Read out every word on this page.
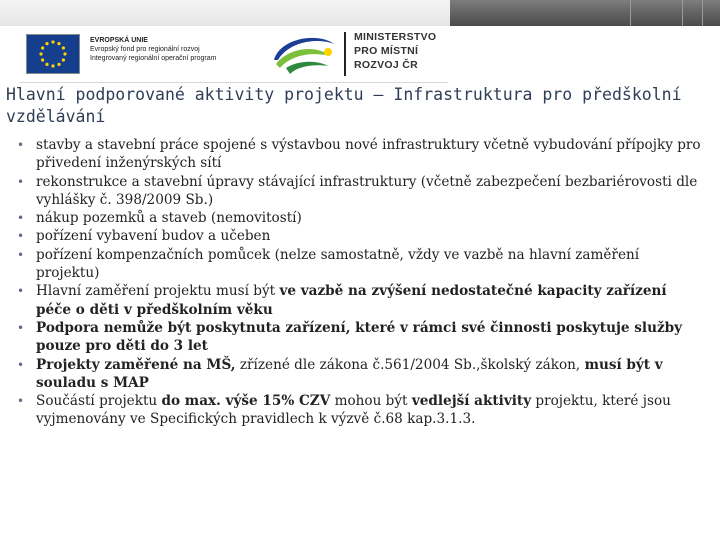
EVROPSKÁ UNIE
Evropský fond pro regionální rozvoj
Integrovaný regionální operační program
MINISTERSTVO
PRO MÍSTNÍ
ROZVOJ ČR
Hlavní podporované aktivity projektu – Infrastruktura pro předškolní vzdělávání
• stavby a stavební práce spojené s výstavbou nové infrastruktury včetně vybudování přípojky pro přivedení inženýrských sítí
• rekonstrukce a stavební úpravy stávající infrastruktury (včetně zabezpečení bezbariérovosti dle vyhlášky č. 398/2009 Sb.)
• nákup pozemků a staveb (nemovitostí)
• pořízení vybavení budov a učeben
• pořízení kompenzačních pomůcek (nelze samostatně, vždy ve vazbě na hlavní zaměření projektu)
• Hlavní zaměření projektu musí být ve vazbě na zvýšení nedostatečné kapacity zařízení péče o děti v předškolním věku
• Podpora nemůže být poskytnuta zařízení, které v rámci své činnosti poskytuje služby pouze pro děti do 3 let
• Projekty zaměřené na MŠ, zřízené dle zákona č.561/2004 Sb.,školský zákon, musí být v souladu s MAP
• Součástí projektu do max. výše 15% CZV mohou být vedlejší aktivity projektu, které jsou vyjmenovány ve Specifických pravidlech k výzvě č.68 kap.3.1.3.
